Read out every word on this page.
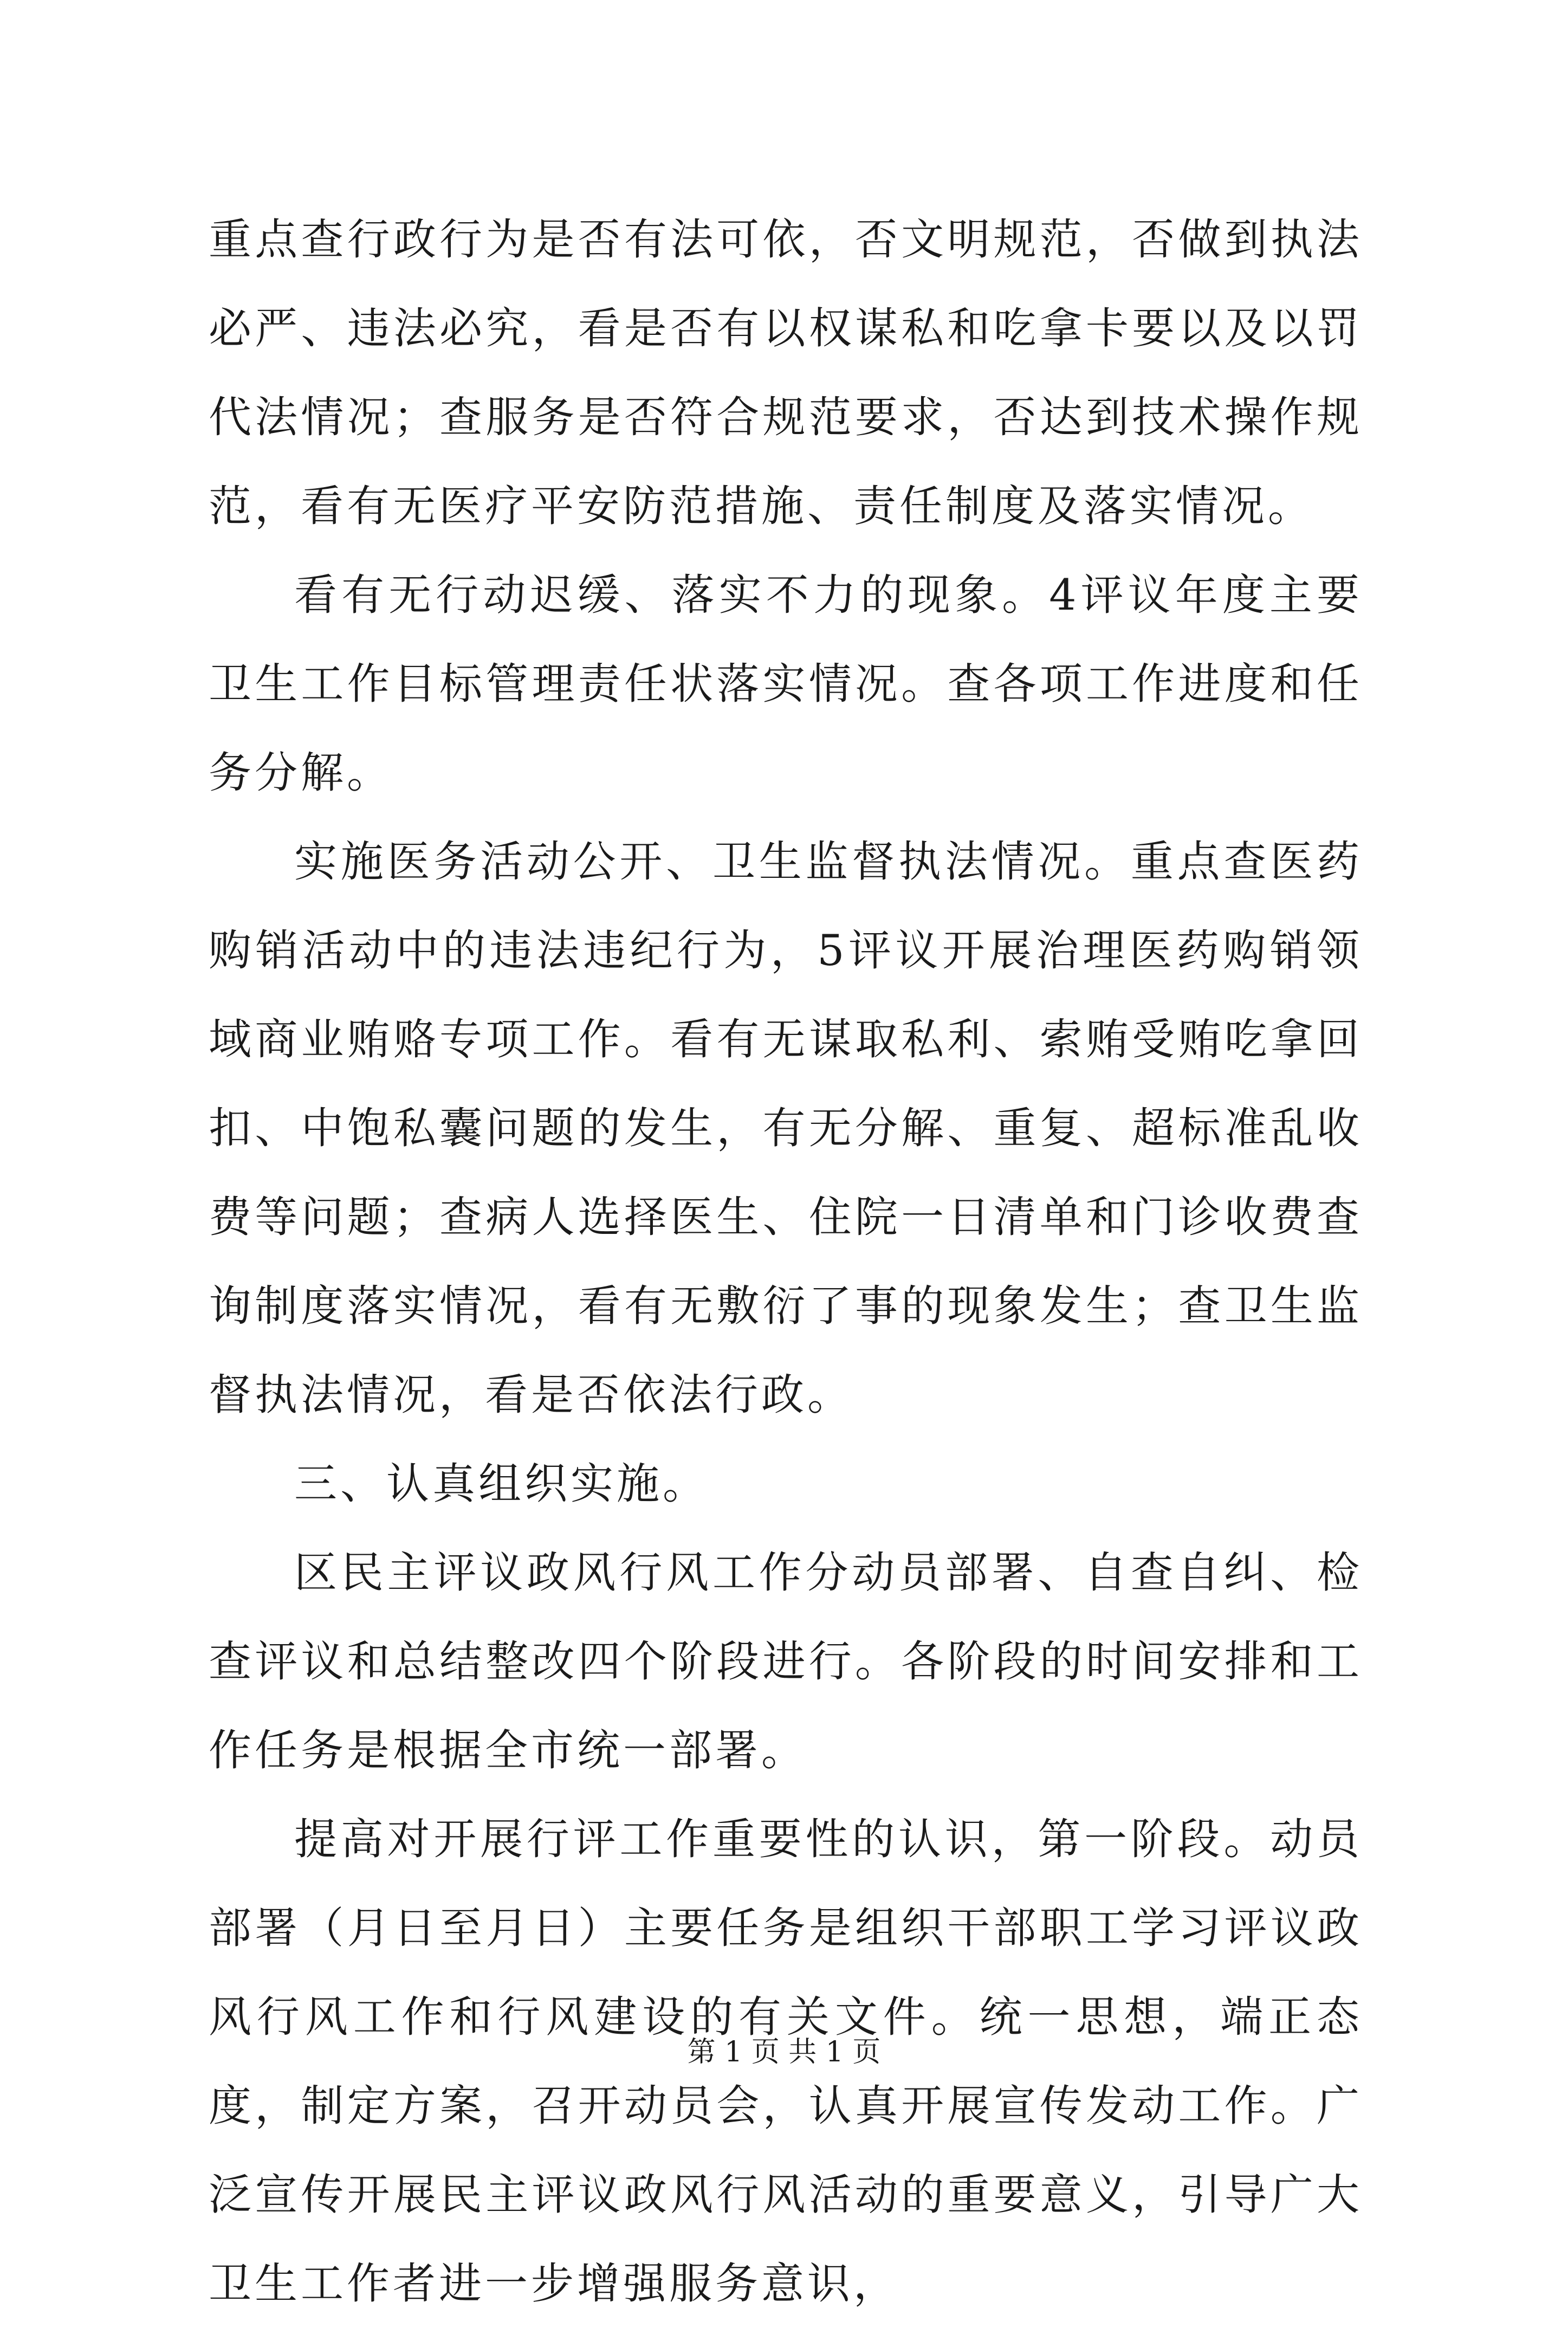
重点查行政行为是否有法可依，否文明规范，否做到执法必严、违法必究，看是否有以权谋私和吃拿卡要以及以罚代法情况；查服务是否符合规范要求，否达到技术操作规范，看有无医疗平安防范措施、责任制度及落实情况。

看有无行动迟缓、落实不力的现象。4评议年度主要卫生工作目标管理责任状落实情况。查各项工作进度和任务分解。

实施医务活动公开、卫生监督执法情况。重点查医药购销活动中的违法违纪行为，5评议开展治理医药购销领域商业贿赂专项工作。看有无谋取私利、索贿受贿吃拿回扣、中饱私囊问题的发生，有无分解、重复、超标准乱收费等问题；查病人选择医生、住院一日清单和门诊收费查询制度落实情况，看有无敷衍了事的现象发生；查卫生监督执法情况，看是否依法行政。

三、认真组织实施。

区民主评议政风行风工作分动员部署、自查自纠、检查评议和总结整改四个阶段进行。各阶段的时间安排和工作任务是根据全市统一部署。

提高对开展行评工作重要性的认识，第一阶段。动员部署（月日至月日）主要任务是组织干部职工学习评议政风行风工作和行风建设的有关文件。统一思想，端正态度，制定方案，召开动员会，认真开展宣传发动工作。广泛宣传开展民主评议政风行风活动的重要意义，引导广大卫生工作者进一步增强服务意识，

第 1 页 共 1 页
